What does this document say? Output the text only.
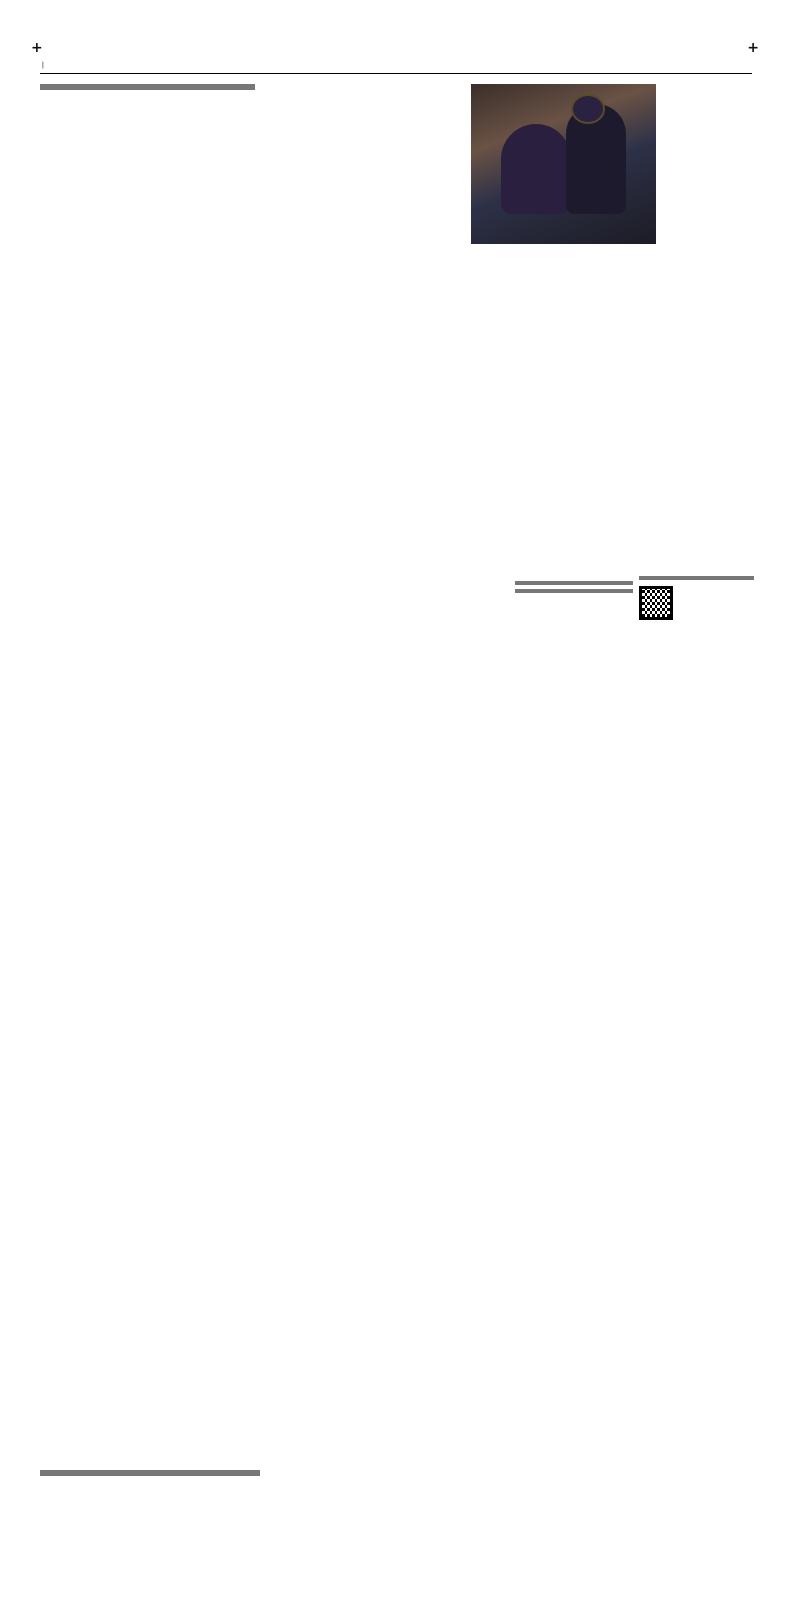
+	+
|
